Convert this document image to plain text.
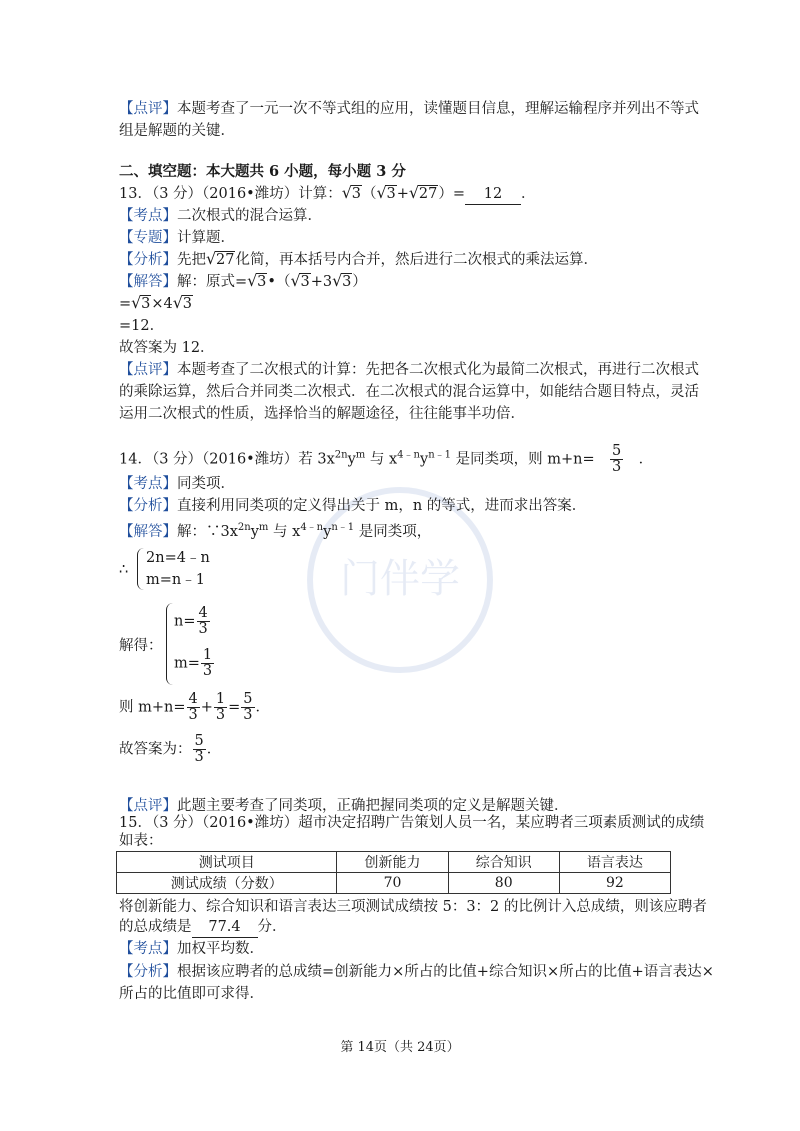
门伴学
【点评】本题考查了一元一次不等式组的应用，读懂题目信息，理解运输程序并列出不等式
组是解题的关键．
二、填空题：本大题共 6 小题，每小题 3 分
13．（3 分）（2016•潍坊）计算： √ 3（ √ 3+ √ 27）= 12 ．
【考点】二次根式的混合运算．
【专题】计算题．
【分析】先把 √ 27化简，再本括号内合并，然后进行二次根式的乘法运算．
【解答】解：原式= √ 3•（ √ 3+3 √ 3）
= √ 3×4 √ 3
=12．
故答案为 12．
【点评】本题考查了二次根式的计算：先把各二次根式化为最简二次根式，再进行二次根式
的乘除运算，然后合并同类二次根式．在二次根式的混合运算中，如能结合题目特点，灵活
运用二次根式的性质，选择恰当的解题途径，往往能事半功倍．
14．（3 分）（2016•潍坊）若 $3x^{2n}y^m$ 与 $x^{4﹣n}y^{n﹣1}$ 是同类项，则 $m+n= \frac{5}{3}$ ．
【考点】同类项．
【分析】直接利用同类项的定义得出关于 m，n 的等式，进而求出答案．
【解答】解：$\because 3x^{2n}y^m$ 与 $x^{4﹣n}y^{n﹣1}$ 是同类项，
∴
2n=4﹣n
m=n﹣1
解得：
$n= \frac{4}{3}$
$m= \frac{1}{3}$
则 $m+n= \frac{4}{3} + \frac{1}{3} = \frac{5}{3}$ ．
故答案为： $\frac{5}{3}$ ．
【点评】此题主要考查了同类项，正确把握同类项的定义是解题关键．
15．（3 分）（2016•潍坊）超市决定招聘广告策划人员一名，某应聘者三项素质测试的成绩
如表：
测试项目	创新能力	综合知识	语言表达
测试成绩（分数）	70	80	92
将创新能力、综合知识和语言表达三项测试成绩按 5：3：2 的比例计入总成绩，则该应聘者
的总成绩是 77.4 分．
【考点】加权平均数．
【分析】根据该应聘者的总成绩=创新能力×所占的比值+综合知识×所占的比值+语言表达×
所占的比值即可求得．
第 14页（共 24页）
